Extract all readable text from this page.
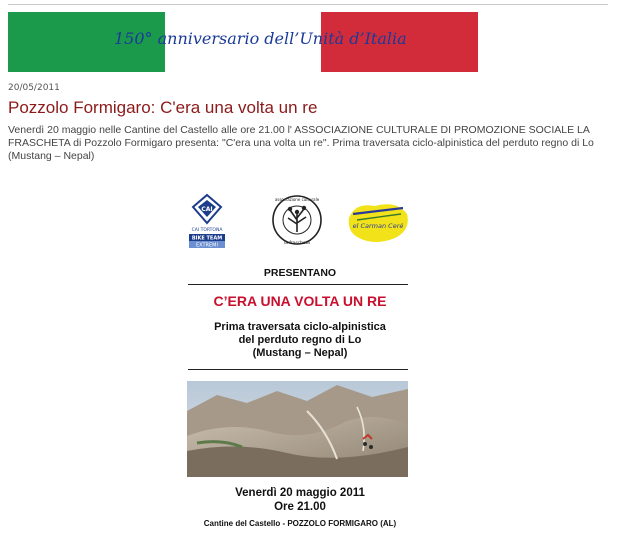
150° anniversario dell’Unità d’Italia
20/05/2011
Pozzolo Formigaro: C'era una volta un re
Venerdì 20 maggio nelle Cantine del Castello alle ore 21.00 l' ASSOCIAZIONE CULTURALE DI PROMOZIONE SOCIALE LA FRASCHETA di Pozzolo Formigaro presenta: "C'era una volta un re". Prima traversata ciclo-alpinistica del perduto regno di Lo (Mustang – Nepal)
CAI
CAI TORTONA
BIKE TEAM
EXTREMI
associazione culturale
la frascheta
el Carman Ceré
PRESENTANO
C’ERA UNA VOLTA UN RE
Prima traversata ciclo-alpinistica
del perduto regno di Lo
(Mustang – Nepal)
Venerdì 20 maggio 2011
Ore 21.00
Cantine del Castello - POZZOLO FORMIGARO (AL)
